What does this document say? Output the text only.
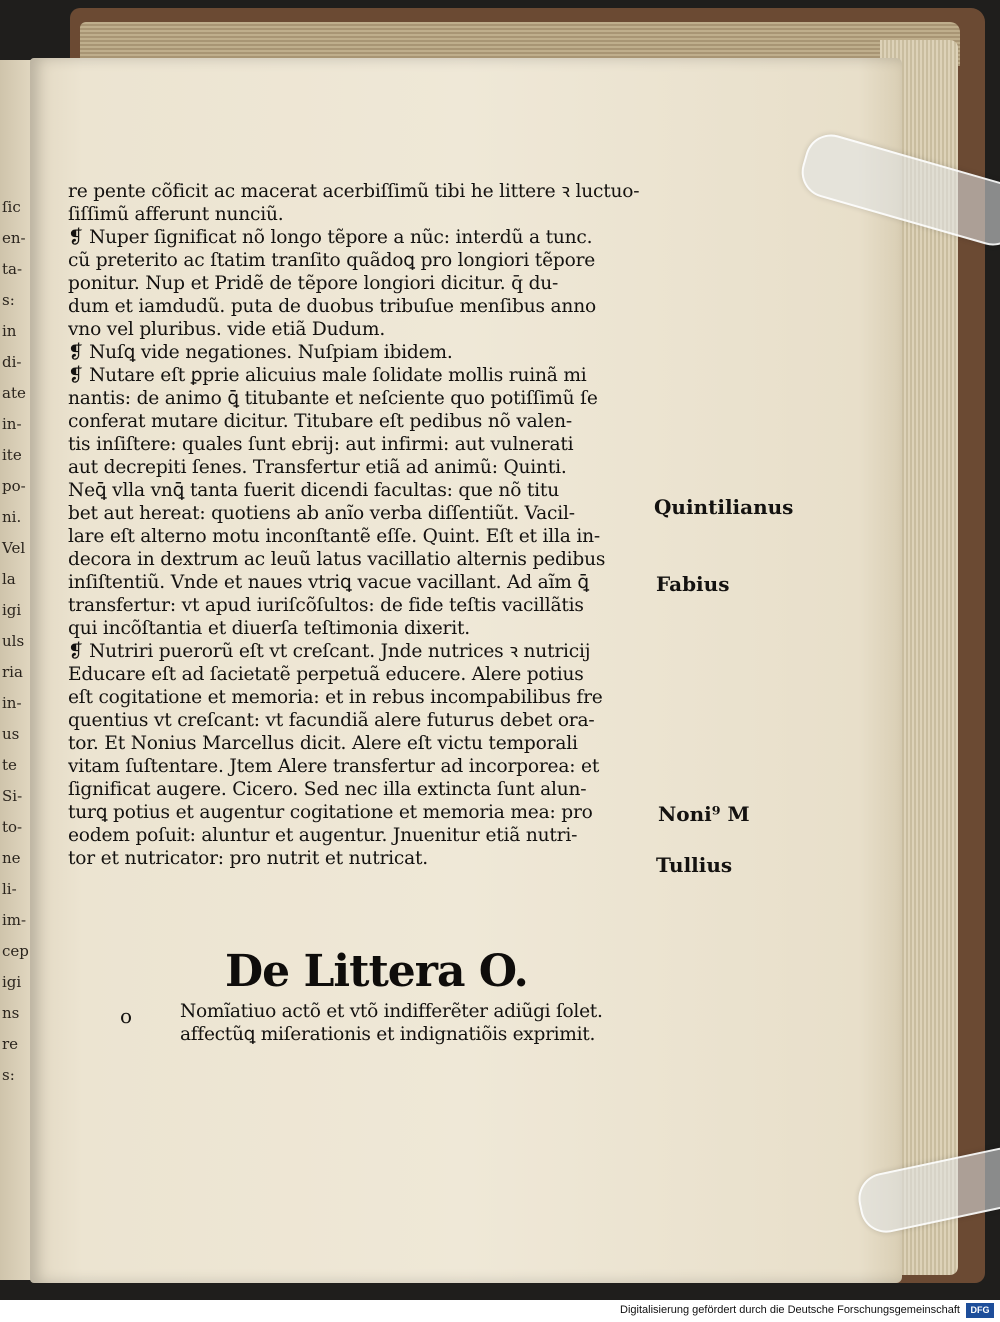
ſic
en-
ta-
s:
in
di-
ate
in-
ite
po-
ni.
Vel
la
igi
uls
ria
in-
us
te
Si-
to-
ne
li-
im-
cep
igi
ns
re
s:
re pente cõficit ac macerat acerbiſſimũ tibi he littere ꝛ luctuo-
ſiſſimũ afferunt nunciũ.
❡ Nuper ſignificat nõ longo tẽpore a nũc: interdũ a tunc.
cũ preterito ac ſtatim tranſito quãdoꝗ pro longiori tẽpore
ponitur. Nup et Pridẽ de tẽpore longiori dicitur. q̄ du-
dum et iamdudũ. puta de duobus tribuſue menſibus anno
vno vel pluribus. vide etiã Dudum.
❡ Nuſꝗ vide negationes. Nuſpiam ibidem.
❡ Nutare eſt ꝑprie alicuius male ſolidate mollis ruinã mi
nantis: de animo ꝗ̄ titubante et neſciente quo potiſſimũ ſe
conferat mutare dicitur. Titubare eſt pedibus nõ valen-
tis inſiſtere: quales ſunt ebrij: aut infirmi: aut vulnerati
aut decrepiti ſenes. Transfertur etiã ad animũ: Quinti.
Neꝗ̄ vlla vnꝗ̄ tanta fuerit dicendi facultas: que nõ titu
bet aut hereat: quotiens ab anĩo verba diſſentiũt. Vacil-
lare eſt alterno motu inconſtantẽ eſſe. Quint. Eſt et illa in-
decora in dextrum ac leuũ latus vacillatio alternis pedibus
inſiſtentiũ. Vnde et naues vtriꝗ vacue vacillant. Ad aĩm ꝗ̄
transfertur: vt apud iuriſcõſultos: de fide teſtis vacillãtis
qui incõſtantia et diuerſa teſtimonia dixerit.
❡ Nutriri puerorũ eſt vt creſcant. Jnde nutrices ꝛ nutricij
Educare eſt ad ſacietatẽ perpetuã educere. Alere potius
eſt cogitatione et memoria: et in rebus incompabilibus fre
quentius vt creſcant: vt facundiã alere futurus debet ora-
tor. Et Nonius Marcellus dicit. Alere eſt victu temporali
vitam ſuſtentare. Jtem Alere transfertur ad incorporea: et
ſignificat augere. Cicero. Sed nec illa extincta ſunt alun-
turꝗ potius et augentur cogitatione et memoria mea: pro
eodem poſuit: aluntur et augentur. Jnuenitur etiã nutri-
tor et nutricator: pro nutrit et nutricat.
De Littera O.
o	Nomĩatiuo actõ et vtõ indifferẽter adiũgi ſolet.
affectũꝗ miſerationis et indignatiõis exprimit.
Quintilianus
Fabius
Noni⁹ M
Tullius
Digitalisierung gefördert durch die Deutsche Forschungsgemeinschaft	DFG
